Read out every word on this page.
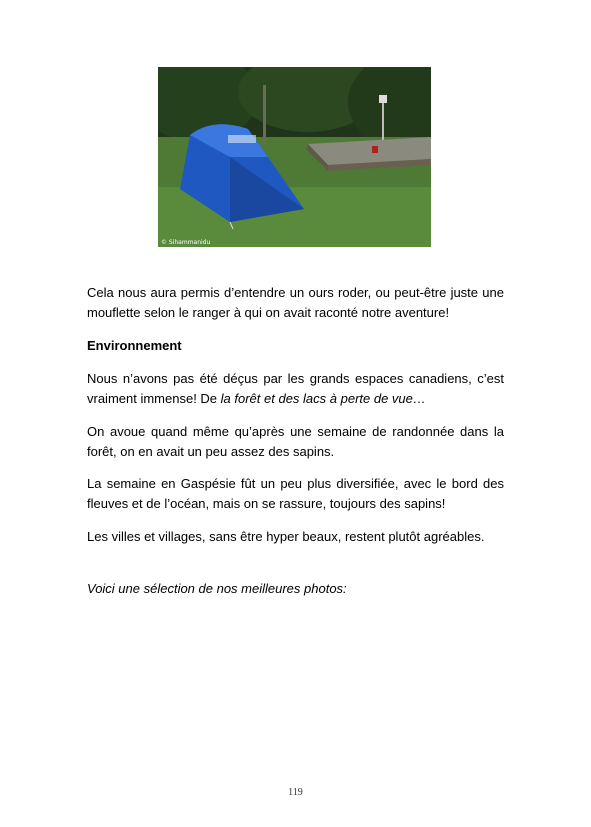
© Sihammanidu

Cela nous aura permis d’entendre un ours roder, ou peut-être juste une mouflette selon le ranger à qui on avait raconté notre aventure!

Environnement

Nous n’avons pas été déçus par les grands espaces canadiens, c’est vraiment immense! De la forêt et des lacs à perte de vue…

On avoue quand même qu’après une semaine de randonnée dans la forêt, on en avait un peu assez des sapins.

La semaine en Gaspésie fût un peu plus diversifiée, avec le bord des fleuves et de l’océan, mais on se rassure, toujours des sapins!

Les villes et villages, sans être hyper beaux, restent plutôt agréables.

Voici une sélection de nos meilleures photos:

119
